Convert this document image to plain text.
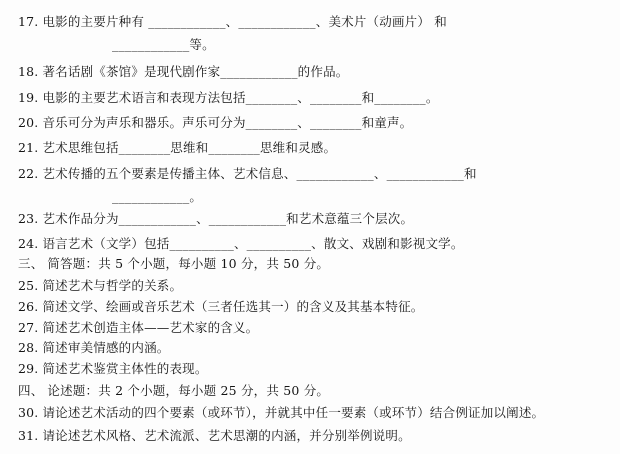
17. 电影的主要片种有 ____________、____________、美术片（动画片） 和
____________等。
18. 著名话剧《茶馆》是现代剧作家____________的作品。
19. 电影的主要艺术语言和表现方法包括________、________和________。
20. 音乐可分为声乐和器乐。声乐可分为________、________和童声。
21. 艺术思维包括________思维和________思维和灵感。
22. 艺术传播的五个要素是传播主体、艺术信息、____________、____________和
____________。
23. 艺术作品分为____________、____________和艺术意蕴三个层次。
24. 语言艺术（文学）包括__________、__________、散文、戏剧和影视文学。
三、 简答题：共 5 个小题，每小题 10 分，共 50 分。
25. 简述艺术与哲学的关系。
26. 简述文学、绘画或音乐艺术（三者任选其一）的含义及其基本特征。
27. 简述艺术创造主体——艺术家的含义。
28. 简述审美情感的内涵。
29. 简述艺术鉴赏主体性的表现。
四、 论述题：共 2 个小题，每小题 25 分，共 50 分。
30. 请论述艺术活动的四个要素（或环节），并就其中任一要素（或环节）结合例证加以阐述。
31. 请论述艺术风格、艺术流派、艺术思潮的内涵，并分别举例说明。
